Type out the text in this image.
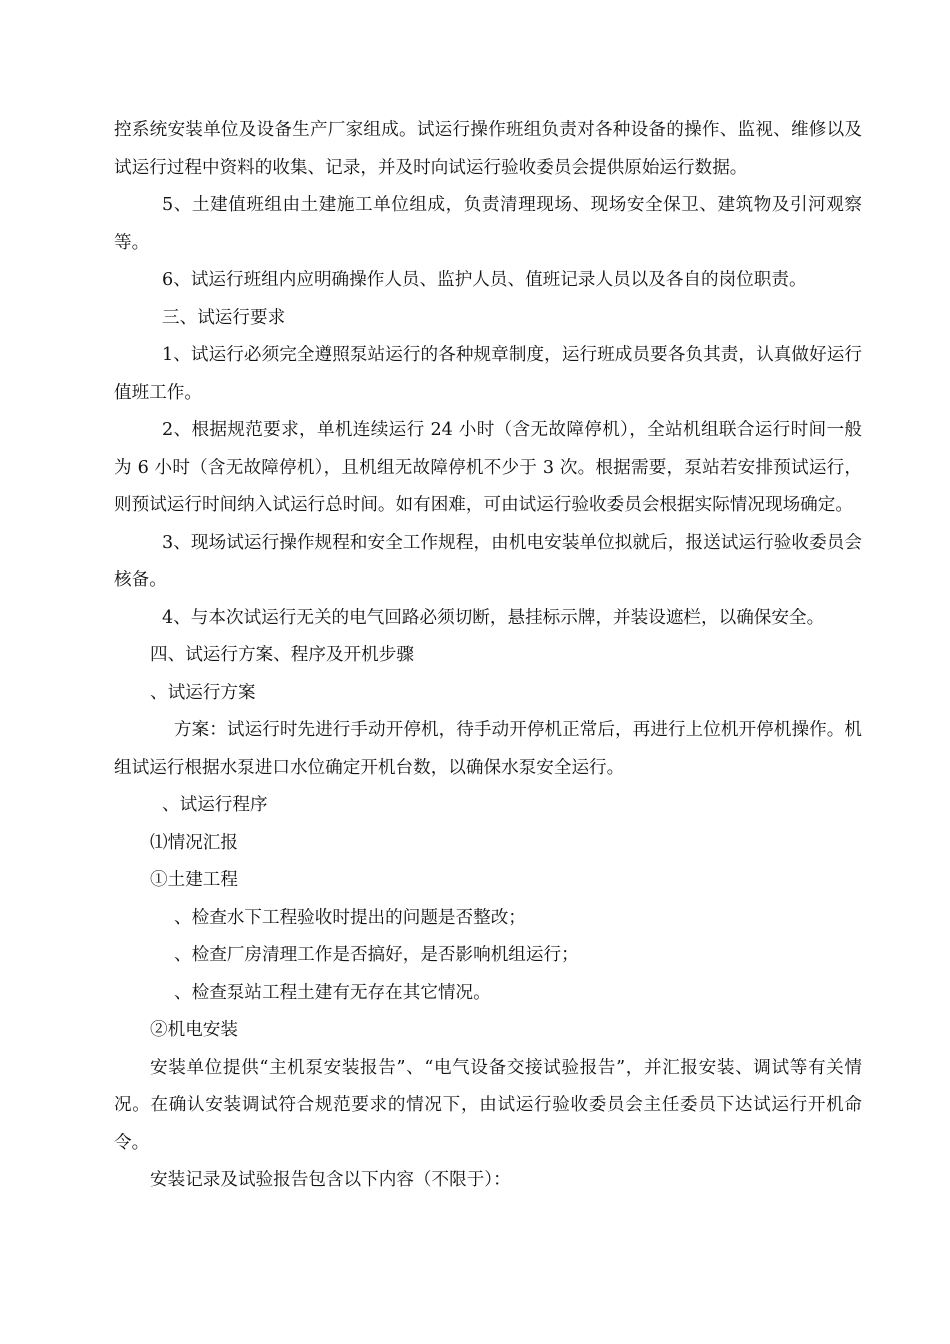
控系统安装单位及设备生产厂家组成。试运行操作班组负责对各种设备的操作、监视、维修以及试运行过程中资料的收集、记录，并及时向试运行验收委员会提供原始运行数据。

5、土建值班组由土建施工单位组成，负责清理现场、现场安全保卫、建筑物及引河观察等。

6、试运行班组内应明确操作人员、监护人员、值班记录人员以及各自的岗位职责。

三、试运行要求

1、试运行必须完全遵照泵站运行的各种规章制度，运行班成员要各负其责，认真做好运行值班工作。

2、根据规范要求，单机连续运行 24 小时（含无故障停机），全站机组联合运行时间一般为 6 小时（含无故障停机），且机组无故障停机不少于 3 次。根据需要，泵站若安排预试运行，则预试运行时间纳入试运行总时间。如有困难，可由试运行验收委员会根据实际情况现场确定。

3、现场试运行操作规程和安全工作规程，由机电安装单位拟就后，报送试运行验收委员会核备。

4、与本次试运行无关的电气回路必须切断，悬挂标示牌，并装设遮栏，以确保安全。

四、试运行方案、程序及开机步骤

、试运行方案

方案：试运行时先进行手动开停机，待手动开停机正常后，再进行上位机开停机操作。机组试运行根据水泵进口水位确定开机台数，以确保水泵安全运行。

、试运行程序

⑴情况汇报

①土建工程

、检查水下工程验收时提出的问题是否整改；

、检查厂房清理工作是否搞好，是否影响机组运行；

、检查泵站工程土建有无存在其它情况。

②机电安装

安装单位提供“主机泵安装报告”、“电气设备交接试验报告”，并汇报安装、调试等有关情况。在确认安装调试符合规范要求的情况下，由试运行验收委员会主任委员下达试运行开机命令。

安装记录及试验报告包含以下内容（不限于）：
